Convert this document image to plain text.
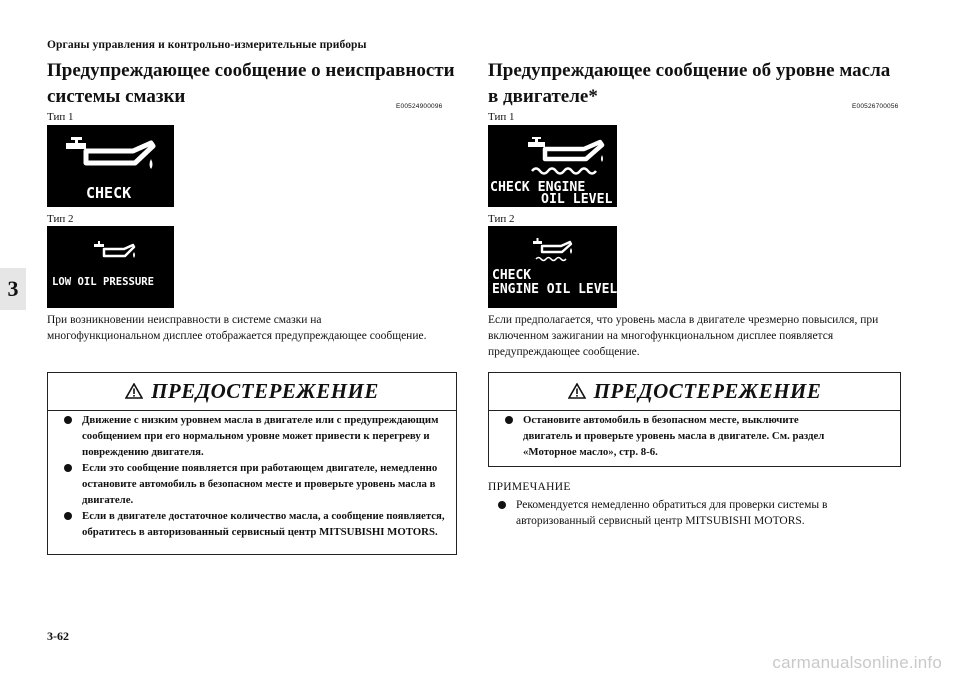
Органы управления и контрольно-измерительные приборы
3
Предупреждающее сообщение о неисправности
системы смазки	E00524900096
Тип 1
CHECK
Тип 2
LOW OIL PRESSURE
При возникновении неисправности в системе смазки на многофункциональном дисплее отображается предупреждающее сообщение.
ПРЕДОСТЕРЕЖЕНИЕ
Движение с низким уровнем масла в двигателе или с предупреждающим сообщением при его нормальном уровне может привести к перегреву и повреждению двигателя.
Если это сообщение появляется при работающем двигателе, немедленно остановите автомобиль в безопасном месте и проверьте уровень масла в двигателе.
Если в двигателе достаточное количество масла, а сообщение появляется, обратитесь в авторизованный сервисный центр MITSUBISHI MOTORS.
Предупреждающее сообщение об уровне масла
в двигателе*	E00526700056
Тип 1
CHECK ENGINE
OIL LEVEL
Тип 2
CHECK
ENGINE OIL LEVEL
Если предполагается, что уровень масла в двигателе чрезмерно повысился, при включенном зажигании на многофункциональном дисплее появляется предупреждающее сообщение.
ПРЕДОСТЕРЕЖЕНИЕ
Остановите автомобиль в безопасном месте, выключите двигатель и проверьте уровень масла в двигателе. См. раздел «Моторное масло», стр. 8-6.
ПРИМЕЧАНИЕ
Рекомендуется немедленно обратиться для проверки системы в авторизованный сервисный центр MITSUBISHI MOTORS.
3-62
carmanualsonline.info
